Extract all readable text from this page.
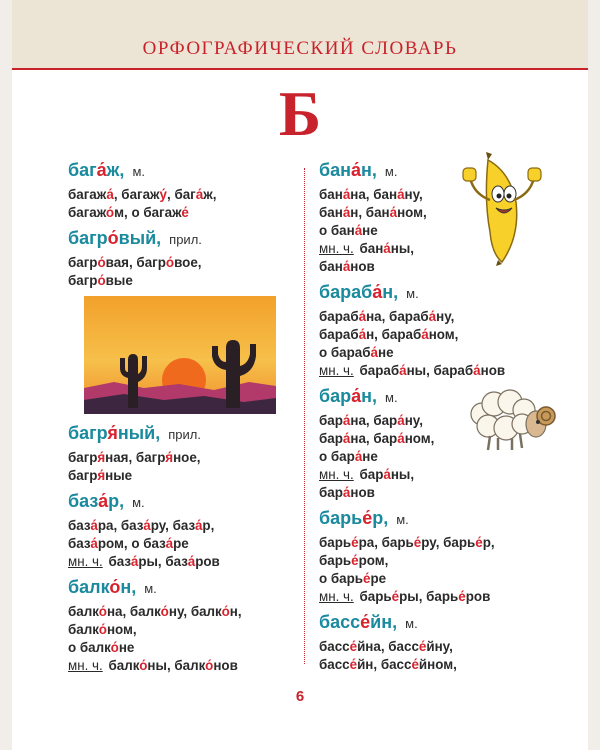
ОРФОГРАФИЧЕСКИЙ СЛОВАРЬ
Б
бага́ж, м.
багажа́, багажу́, бага́ж,
багажо́м, о багаже́
багро́вый, прил.
багро́вая, багро́вое,
багро́вые
багря́ный, прил.
багря́ная, багря́ное,
багря́ные
база́р, м.
база́ра, база́ру, база́р,
база́ром, о база́ре
мн. ч. база́ры, база́ров
балко́н, м.
балко́на, балко́ну, балко́н,
балко́ном,
о балко́не
мн. ч. балко́ны, балко́нов
бана́н, м.
бана́на, бана́ну,
бана́н, бана́ном,
о бана́не
мн. ч. бана́ны,
бана́нов
бараба́н, м.
бараба́на, бараба́ну,
бараба́н, бараба́ном,
о бараба́не
мн. ч. бараба́ны, бараба́нов
бара́н, м.
бара́на, бара́ну,
бара́на, бара́ном,
о бара́не
мн. ч. бара́ны,
бара́нов
барье́р, м.
барье́ра, барье́ру, барье́р,
барье́ром,
о барье́ре
мн. ч. барье́ры, барье́ров
бассе́йн, м.
бассе́йна, бассе́йну,
бассе́йн, бассе́йном,
6
